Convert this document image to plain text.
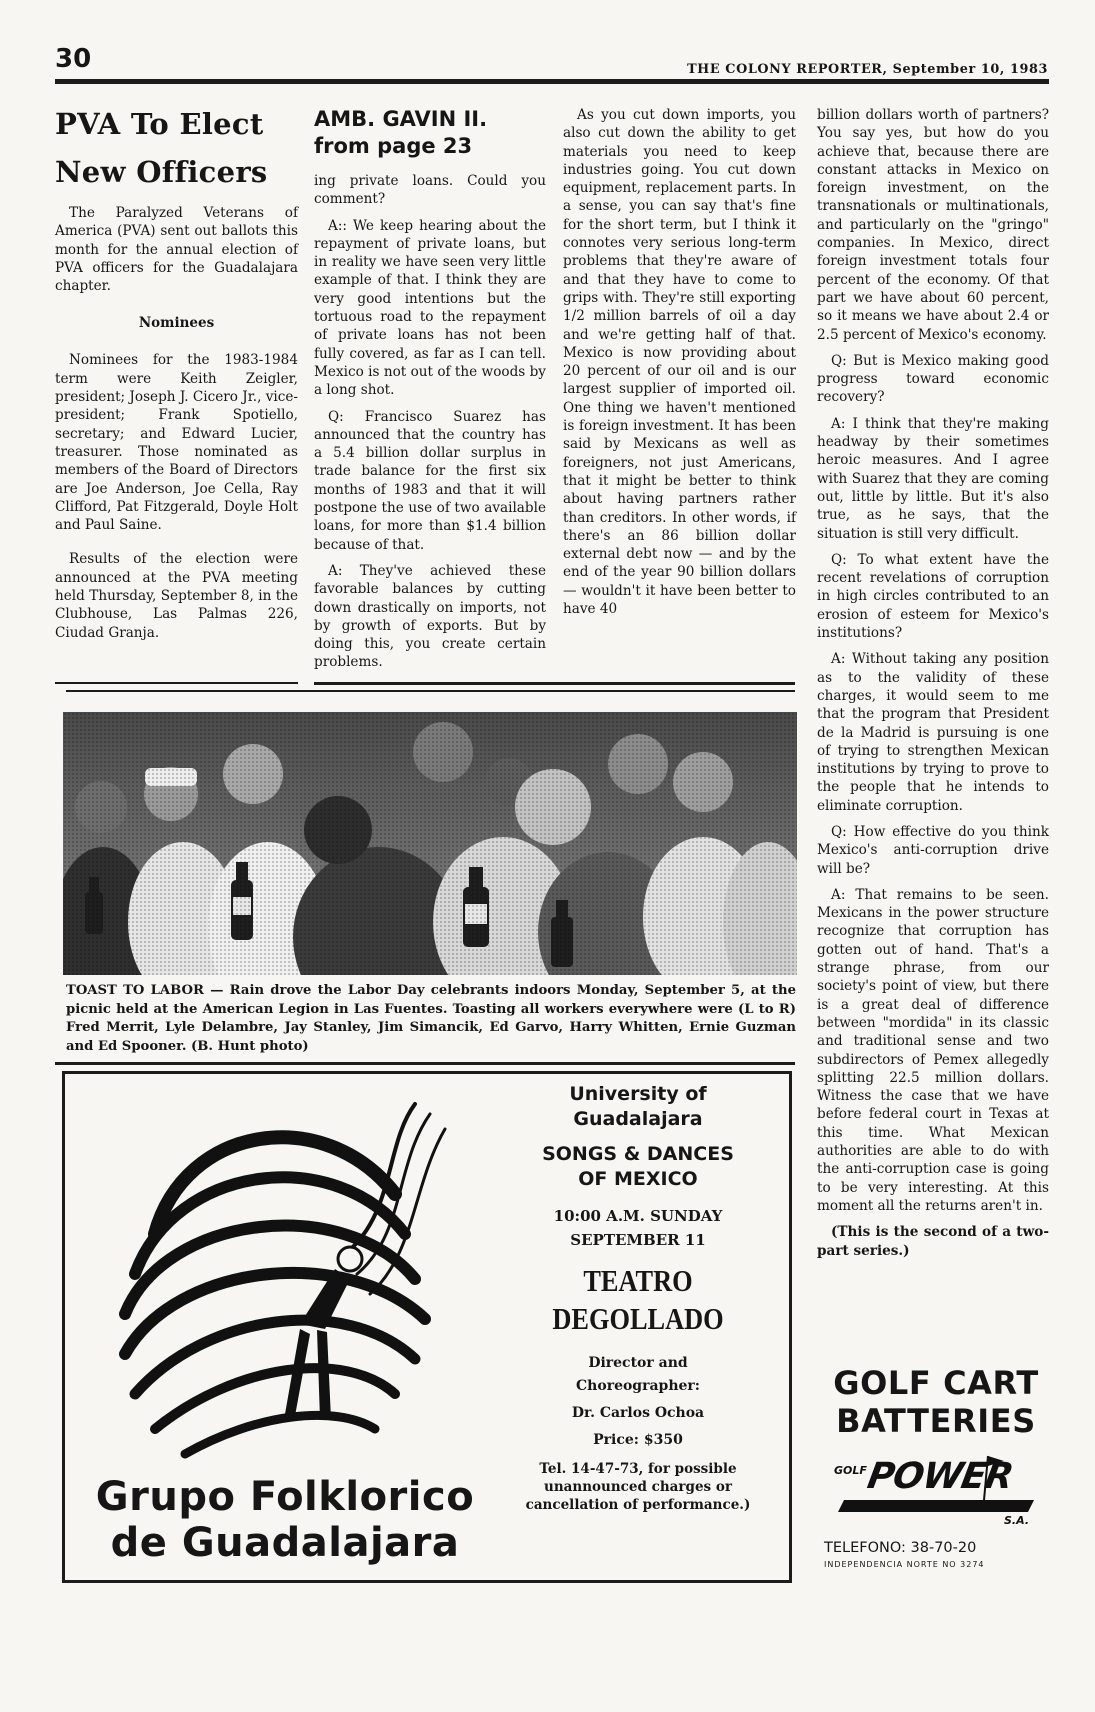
30	THE COLONY REPORTER, September 10, 1983
PVA To Elect
New Officers

The Paralyzed Veterans of America (PVA) sent out ballots this month for the annual election of PVA officers for the Guadalajara chapter.

Nominees

Nominees for the 1983-1984 term were Keith Zeigler, president; Joseph J. Cicero Jr., vice-president; Frank Spotiello, secretary; and Edward Lucier, treasurer. Those nominated as members of the Board of Directors are Joe Anderson, Joe Cella, Ray Clifford, Pat Fitzgerald, Doyle Holt and Paul Saine.

Results of the election were announced at the PVA meeting held Thursday, September 8, in the Clubhouse, Las Palmas 226, Ciudad Granja.

AMB. GAVIN II.
from page 23

ing private loans. Could you comment?

A:: We keep hearing about the repayment of private loans, but in reality we have seen very little example of that. I think they are very good intentions but the tortuous road to the repayment of private loans has not been fully covered, as far as I can tell. Mexico is not out of the woods by a long shot.

Q: Francisco Suarez has announced that the country has a 5.4 billion dollar surplus in trade balance for the first six months of 1983 and that it will postpone the use of two available loans, for more than $1.4 billion because of that.

A: They've achieved these favorable balances by cutting down drastically on imports, not by growth of exports. But by doing this, you create certain problems.

As you cut down imports, you also cut down the ability to get materials you need to keep industries going. You cut down equipment, replacement parts. In a sense, you can say that's fine for the short term, but I think it connotes very serious long-term problems that they're aware of and that they have to come to grips with. They're still exporting 1/2 million barrels of oil a day and we're getting half of that. Mexico is now providing about 20 percent of our oil and is our largest supplier of imported oil. One thing we haven't mentioned is foreign investment. It has been said by Mexicans as well as foreigners, not just Americans, that it might be better to think about having partners rather than creditors. In other words, if there's an 86 billion dollar external debt now — and by the end of the year 90 billion dollars — wouldn't it have been better to have 40

billion dollars worth of partners? You say yes, but how do you achieve that, because there are constant attacks in Mexico on foreign investment, on the transnationals or multinationals, and particularly on the "gringo" companies. In Mexico, direct foreign investment totals four percent of the economy. Of that part we have about 60 percent, so it means we have about 2.4 or 2.5 percent of Mexico's economy.

Q: But is Mexico making good progress toward economic recovery?

A: I think that they're making headway by their sometimes heroic measures. And I agree with Suarez that they are coming out, little by little. But it's also true, as he says, that the situation is still very difficult.

Q: To what extent have the recent revelations of corruption in high circles contributed to an erosion of esteem for Mexico's institutions?

A: Without taking any position as to the validity of these charges, it would seem to me that the program that President de la Madrid is pursuing is one of trying to strengthen Mexican institutions by trying to prove to the people that he intends to eliminate corruption.

Q: How effective do you think Mexico's anti-corruption drive will be?

A: That remains to be seen. Mexicans in the power structure recognize that corruption has gotten out of hand. That's a strange phrase, from our society's point of view, but there is a great deal of difference between "mordida" in its classic and traditional sense and two subdirectors of Pemex allegedly splitting 22.5 million dollars. Witness the case that we have before federal court in Texas at this time. What Mexican authorities are able to do with the anti-corruption case is going to be very interesting. At this moment all the returns aren't in.

(This is the second of a two-part series.)

TOAST TO LABOR — Rain drove the Labor Day celebrants indoors Monday, September 5, at the picnic held at the American Legion in Las Fuentes. Toasting all workers everywhere were (L to R) Fred Merrit, Lyle Delambre, Jay Stanley, Jim Simancik, Ed Garvo, Harry Whitten, Ernie Guzman and Ed Spooner. (B. Hunt photo)
Grupo Folklorico
de Guadalajara
University of
Guadalajara
SONGS & DANCES
OF MEXICO
10:00 A.M. SUNDAY
SEPTEMBER 11
TEATRO
DEGOLLADO
Director and
Choreographer:
Dr. Carlos Ochoa
Price: $350
Tel. 14-47-73, for possible
unannounced charges or
cancellation of performance.)
GOLF CART
BATTERIES
GOLF
POWER
S.A.
TELEFONO: 38-70-20
INDEPENDENCIA NORTE NO 3274
